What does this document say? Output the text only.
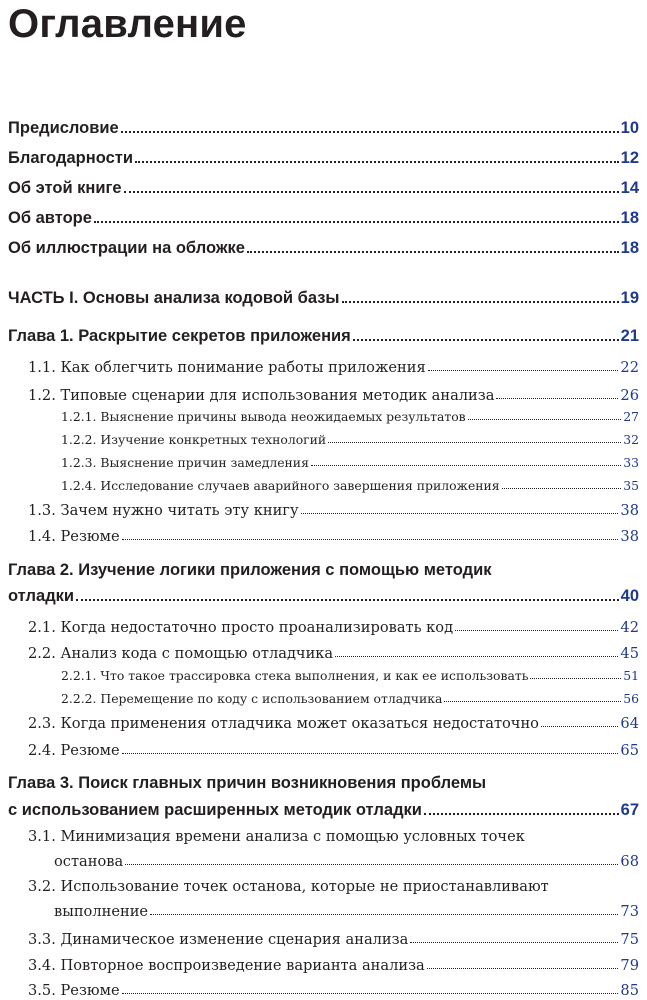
Оглавление
Предисловие	10
Благодарности	12
Об этой книге	14
Об авторе	18
Об иллюстрации на обложке	18
ЧАСТЬ I. Основы анализа кодовой базы	19
Глава 1. Раскрытие секретов приложения	21
1.1. Как облегчить понимание работы приложения	22
1.2. Типовые сценарии для использования методик анализа	26
1.2.1. Выяснение причины вывода неожидаемых результатов	27
1.2.2. Изучение конкретных технологий	32
1.2.3. Выяснение причин замедления	33
1.2.4. Исследование случаев аварийного завершения приложения	35
1.3. Зачем нужно читать эту книгу	38
1.4. Резюме	38
Глава 2. Изучение логики приложения с помощью методик
отладки	40
2.1. Когда недостаточно просто проанализировать код	42
2.2. Анализ кода с помощью отладчика	45
2.2.1. Что такое трассировка стека выполнения, и как ее использовать	51
2.2.2. Перемещение по коду с использованием отладчика	56
2.3. Когда применения отладчика может оказаться недостаточно	64
2.4. Резюме	65
Глава 3. Поиск главных причин возникновения проблемы
с использованием расширенных методик отладки	67
3.1. Минимизация времени анализа с помощью условных точек
останова	68
3.2. Использование точек останова, которые не приостанавливают
выполнение	73
3.3. Динамическое изменение сценария анализа	75
3.4. Повторное воспроизведение варианта анализа	79
3.5. Резюме	85
